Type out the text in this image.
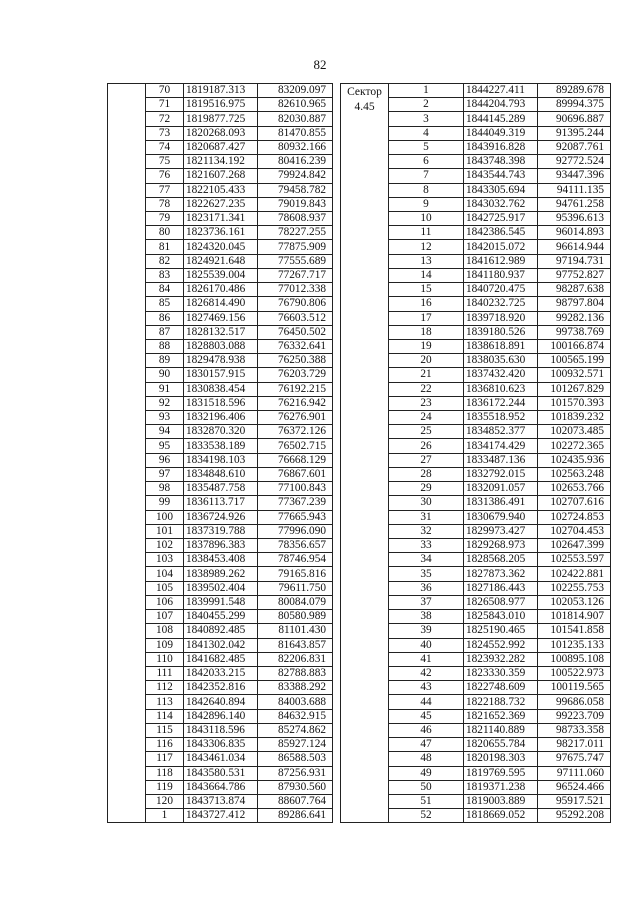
82
	70	1819187.313	83209.097
	71	1819516.975	82610.965
	72	1819877.725	82030.887
	73	1820268.093	81470.855
	74	1820687.427	80932.166
	75	1821134.192	80416.239
	76	1821607.268	79924.842
	77	1822105.433	79458.782
	78	1822627.235	79019.843
	79	1823171.341	78608.937
	80	1823736.161	78227.255
	81	1824320.045	77875.909
	82	1824921.648	77555.689
	83	1825539.004	77267.717
	84	1826170.486	77012.338
	85	1826814.490	76790.806
	86	1827469.156	76603.512
	87	1828132.517	76450.502
	88	1828803.088	76332.641
	89	1829478.938	76250.388
	90	1830157.915	76203.729
	91	1830838.454	76192.215
	92	1831518.596	76216.942
	93	1832196.406	76276.901
	94	1832870.320	76372.126
	95	1833538.189	76502.715
	96	1834198.103	76668.129
	97	1834848.610	76867.601
	98	1835487.758	77100.843
	99	1836113.717	77367.239
	100	1836724.926	77665.943
	101	1837319.788	77996.090
	102	1837896.383	78356.657
	103	1838453.408	78746.954
	104	1838989.262	79165.816
	105	1839502.404	79611.750
	106	1839991.548	80084.079
	107	1840455.299	80580.989
	108	1840892.485	81101.430
	109	1841302.042	81643.857
	110	1841682.485	82206.831
	111	1842033.215	82788.883
	112	1842352.816	83388.292
	113	1842640.894	84003.688
	114	1842896.140	84632.915
	115	1843118.596	85274.862
	116	1843306.835	85927.124
	117	1843461.034	86588.503
	118	1843580.531	87256.931
	119	1843664.786	87930.560
	120	1843713.874	88607.764
	1	1843727.412	89286.641
Сектор
4.45	1	1844227.411	89289.678
	2	1844204.793	89994.375
	3	1844145.289	90696.887
	4	1844049.319	91395.244
	5	1843916.828	92087.761
	6	1843748.398	92772.524
	7	1843544.743	93447.396
	8	1843305.694	94111.135
	9	1843032.762	94761.258
	10	1842725.917	95396.613
	11	1842386.545	96014.893
	12	1842015.072	96614.944
	13	1841612.989	97194.731
	14	1841180.937	97752.827
	15	1840720.475	98287.638
	16	1840232.725	98797.804
	17	1839718.920	99282.136
	18	1839180.526	99738.769
	19	1838618.891	100166.874
	20	1838035.630	100565.199
	21	1837432.420	100932.571
	22	1836810.623	101267.829
	23	1836172.244	101570.393
	24	1835518.952	101839.232
	25	1834852.377	102073.485
	26	1834174.429	102272.365
	27	1833487.136	102435.936
	28	1832792.015	102563.248
	29	1832091.057	102653.766
	30	1831386.491	102707.616
	31	1830679.940	102724.853
	32	1829973.427	102704.453
	33	1829268.973	102647.399
	34	1828568.205	102553.597
	35	1827873.362	102422.881
	36	1827186.443	102255.753
	37	1826508.977	102053.126
	38	1825843.010	101814.907
	39	1825190.465	101541.858
	40	1824552.992	101235.133
	41	1823932.282	100895.108
	42	1823330.359	100522.973
	43	1822748.609	100119.565
	44	1822188.732	99686.058
	45	1821652.369	99223.709
	46	1821140.889	98733.358
	47	1820655.784	98217.011
	48	1820198.303	97675.747
	49	1819769.595	97111.060
	50	1819371.238	96524.466
	51	1819003.889	95917.521
	52	1818669.052	95292.208
